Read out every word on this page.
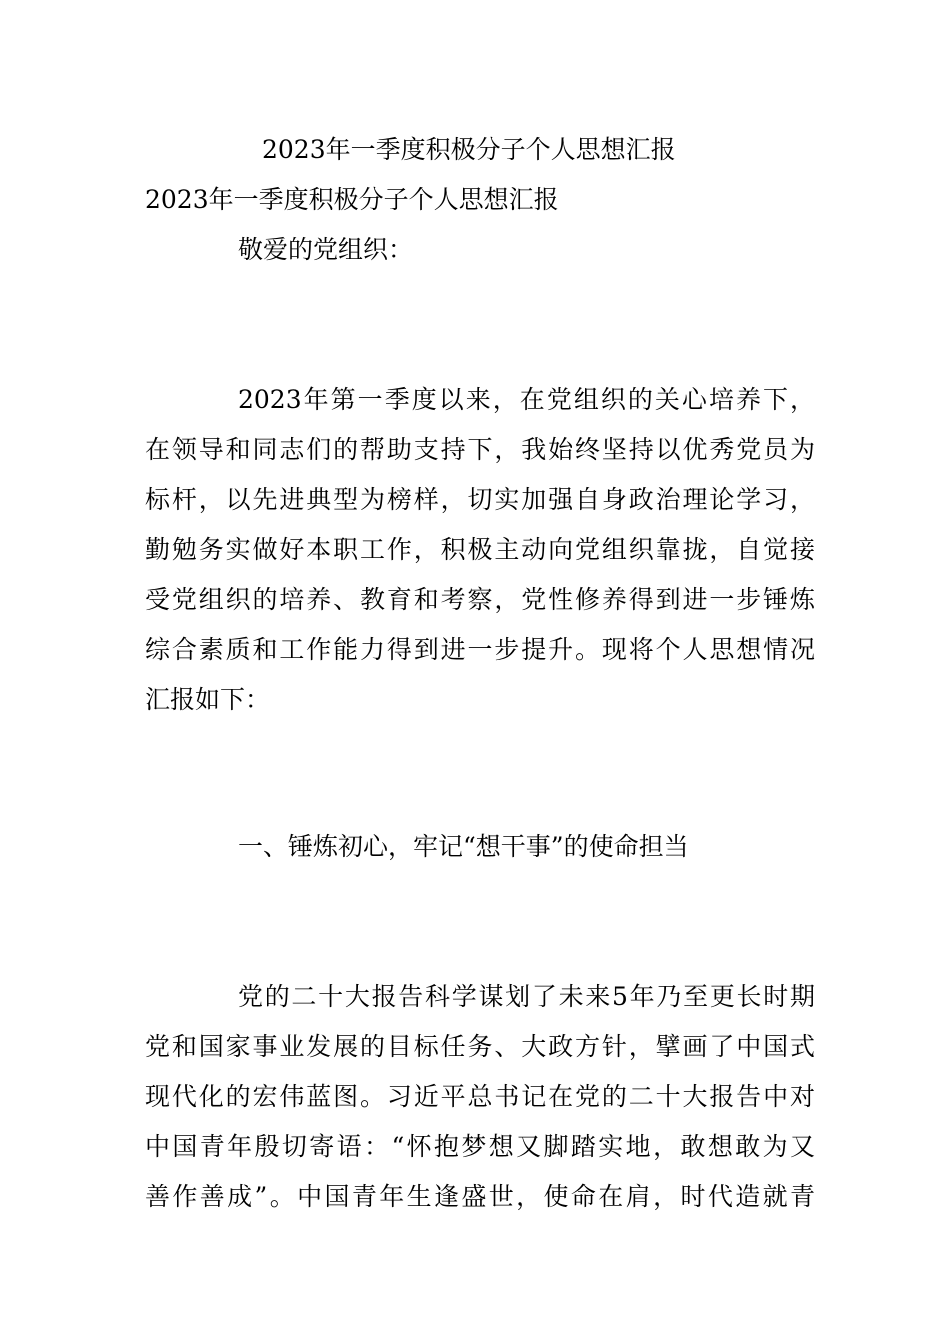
2023年一季度积极分子个人思想汇报
2023年一季度积极分子个人思想汇报
敬爱的党组织：
2023年第一季度以来，在党组织的关心培养下，
在领导和同志们的帮助支持下，我始终坚持以优秀党员为
标杆，以先进典型为榜样，切实加强自身政治理论学习，
勤勉务实做好本职工作，积极主动向党组织靠拢，自觉接
受党组织的培养、教育和考察，党性修养得到进一步锤炼
综合素质和工作能力得到进一步提升。现将个人思想情况
汇报如下：
一、锤炼初心，牢记“想干事”的使命担当
党的二十大报告科学谋划了未来5年乃至更长时期
党和国家事业发展的目标任务、大政方针，擘画了中国式
现代化的宏伟蓝图。习近平总书记在党的二十大报告中对
中国青年殷切寄语：“怀抱梦想又脚踏实地，敢想敢为又
善作善成”。中国青年生逢盛世，使命在肩，时代造就青
